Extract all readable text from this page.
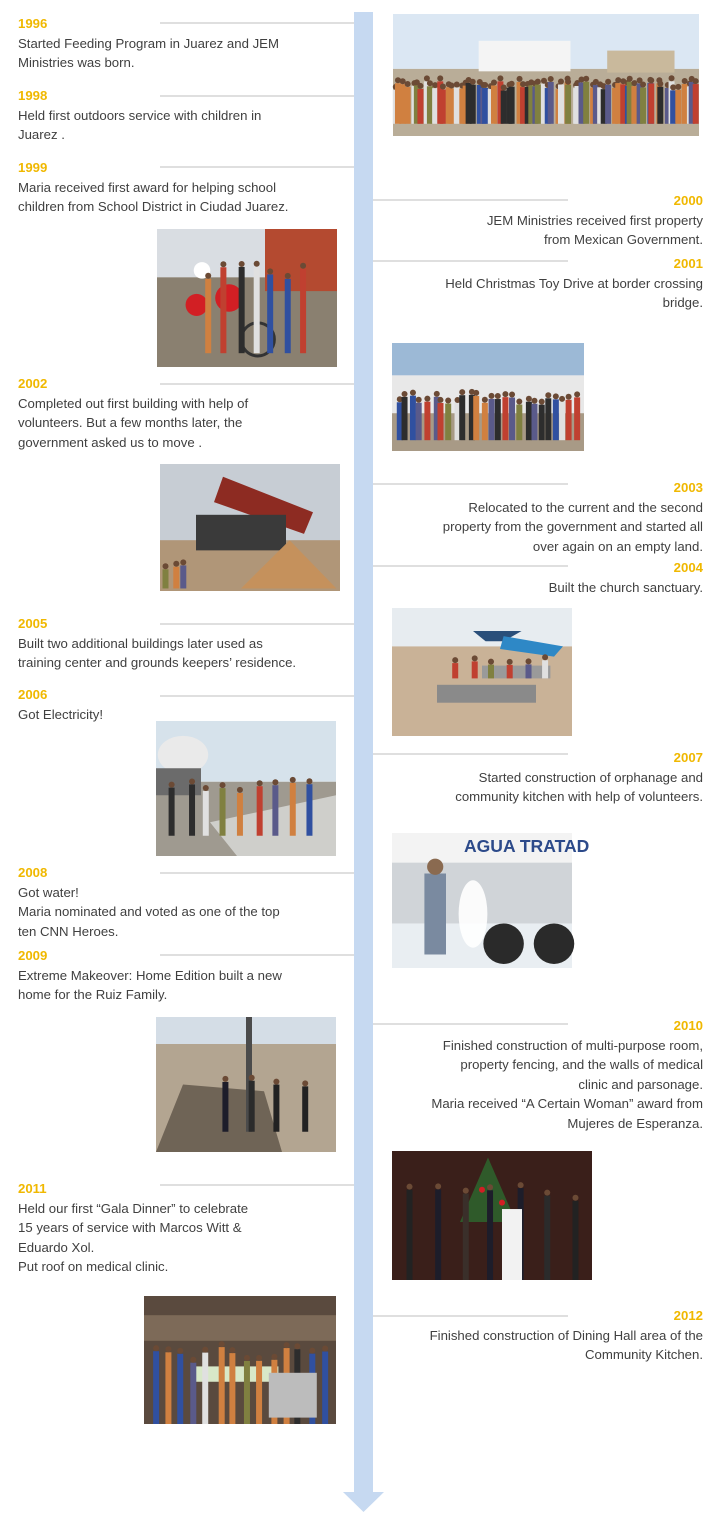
1996
Started Feeding Program in Juarez and JEM
Ministries was born.
1998
Held first outdoors service with children in
Juarez .
1999
Maria received first award for helping school
children from School District in Ciudad Juarez.	2000
JEM Ministries received first property
from Mexican Government.
2001
Held Christmas Toy Drive at border crossing
bridge.
2002
Completed out first building with help of
volunteers. But a few months later, the
government asked us to move .
2003
Relocated to the current and the second
property from the government and started all
over again on an empty land.
2004
Built the church sanctuary.
2005
Built two additional buildings later used as
training center and grounds keepers’ residence.
2006
Got Electricity!
2007
Started construction of orphanage and
community kitchen with help of volunteers.
2008
Got water!
Maria nominated and voted as one of the top
ten CNN Heroes.
2009
Extreme Makeover: Home Edition built a new
home for the Ruiz Family.
2010
Finished construction of multi-purpose room,
property fencing, and the walls of medical
clinic and parsonage.
Maria received “A Certain Woman” award from
Mujeres de Esperanza.
2011
Held our first “Gala Dinner” to celebrate
15 years of service with Marcos Witt &
Eduardo Xol.
Put roof on medical clinic.
2012
Finished construction of Dining Hall area of the
Community Kitchen.
AGUA TRATAD
